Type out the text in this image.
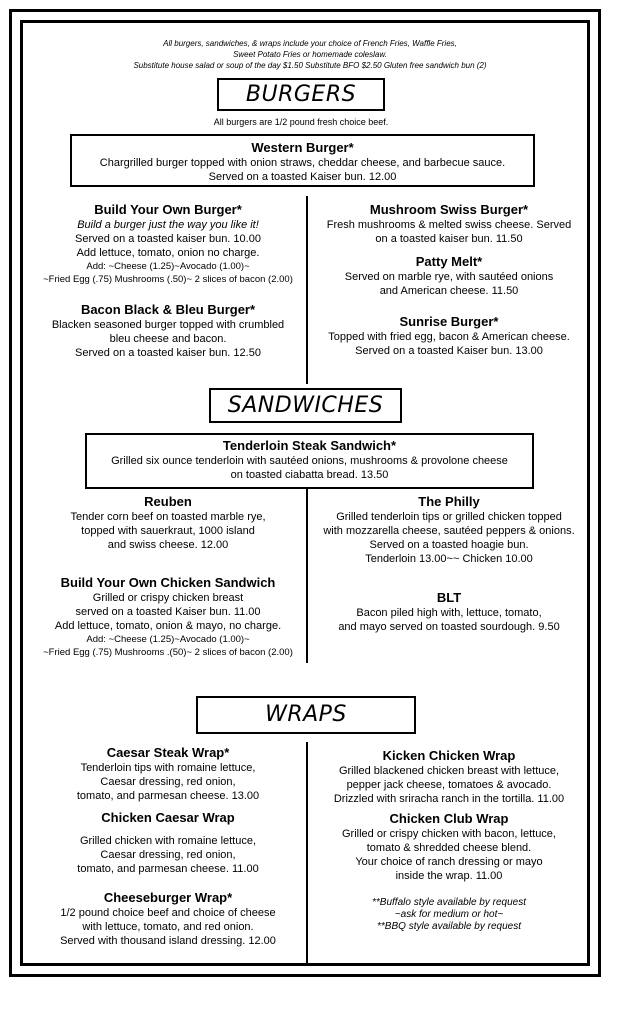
All burgers, sandwiches, & wraps include your choice of French Fries, Waffle Fries,
Sweet Potato Fries or homemade coleslaw.
Substitute house salad or soup of the day $1.50 Substitute BFO $2.50 Gluten free sandwich bun (2)
BURGERS
All burgers are 1/2 pound fresh choice beef.
Western Burger*
Chargrilled burger topped with onion straws, cheddar cheese, and barbecue sauce.
Served on a toasted Kaiser bun. 12.00
Build Your Own Burger*
Build a burger just the way you like it!
Served on a toasted kaiser bun. 10.00
Add lettuce, tomato, onion no charge.
Add: ~Cheese (1.25)~Avocado (1.00)~
~Fried Egg (.75) Mushrooms (.50)~ 2 slices of bacon (2.00)
Bacon Black & Bleu Burger*
Blacken seasoned burger topped with crumbled
bleu cheese and bacon.
Served on a toasted kaiser bun. 12.50
Mushroom Swiss Burger*
Fresh mushrooms & melted swiss cheese. Served
on a toasted kaiser bun. 11.50
Patty Melt*
Served on marble rye, with sautéed onions
and American cheese. 11.50
Sunrise Burger*
Topped with fried egg, bacon & American cheese.
Served on a toasted Kaiser bun. 13.00
SANDWICHES
Tenderloin Steak Sandwich*
Grilled six ounce tenderloin with sautéed onions, mushrooms & provolone cheese
on toasted ciabatta bread. 13.50
Reuben
Tender corn beef on toasted marble rye,
topped with sauerkraut, 1000 island
and swiss cheese. 12.00
Build Your Own Chicken Sandwich
Grilled or crispy chicken breast
served on a toasted Kaiser bun. 11.00
Add lettuce, tomato, onion & mayo, no charge.
Add: ~Cheese (1.25)~Avocado (1.00)~
~Fried Egg (.75) Mushrooms .(50)~ 2 slices of bacon (2.00)
The Philly
Grilled tenderloin tips or grilled chicken topped
with mozzarella cheese, sautéed peppers & onions.
Served on a toasted hoagie bun.
Tenderloin 13.00~~ Chicken 10.00
BLT
Bacon piled high with, lettuce, tomato,
and mayo served on toasted sourdough. 9.50
WRAPS
Caesar Steak Wrap*
Tenderloin tips with romaine lettuce,
Caesar dressing, red onion,
tomato, and parmesan cheese. 13.00
Chicken Caesar Wrap
Grilled chicken with romaine lettuce,
Caesar dressing, red onion,
tomato, and parmesan cheese. 11.00
Cheeseburger Wrap*
1/2 pound choice beef and choice of cheese
with lettuce, tomato, and red onion.
Served with thousand island dressing. 12.00
Kicken Chicken Wrap
Grilled blackened chicken breast with lettuce,
pepper jack cheese, tomatoes & avocado.
Drizzled with sriracha ranch in the tortilla. 11.00
Chicken Club Wrap
Grilled or crispy chicken with bacon, lettuce,
tomato & shredded cheese blend.
Your choice of ranch dressing or mayo
inside the wrap. 11.00
**Buffalo style available by request
~ask for medium or hot~
**BBQ style available by request
